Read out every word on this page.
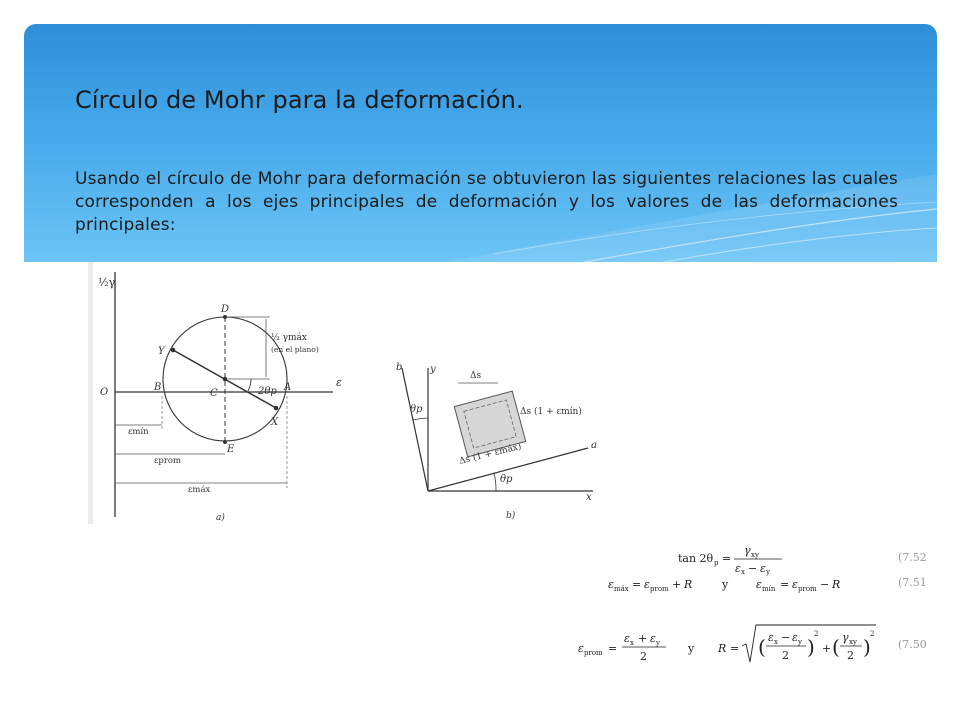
Círculo de Mohr para la deformación.

Usando el círculo de Mohr para deformación se obtuvieron las siguientes relaciones las cuales corresponden a los ejes principales de deformación y los valores de las deformaciones principales:

½γ
ε
O	2θp
D
Y
B
C
A
X
E
½ γmáx
(en el plano)
εmín
εprom
εmáx
a)
y
x
b
a
θp
θp
Δs
Δs (1 + εmín)
Δs (1 + εmáx)
b)
tan 2θ p =
γ xy
ε x − ε y
(7.52
ε máx = ε prom + R	y	ε mín = ε prom − R	(7.51
ε prom =
ε x + ε y
2
y R = ( ε x − ε y
2 )
2
+ ( γ xy
2 )
2
(7.50
